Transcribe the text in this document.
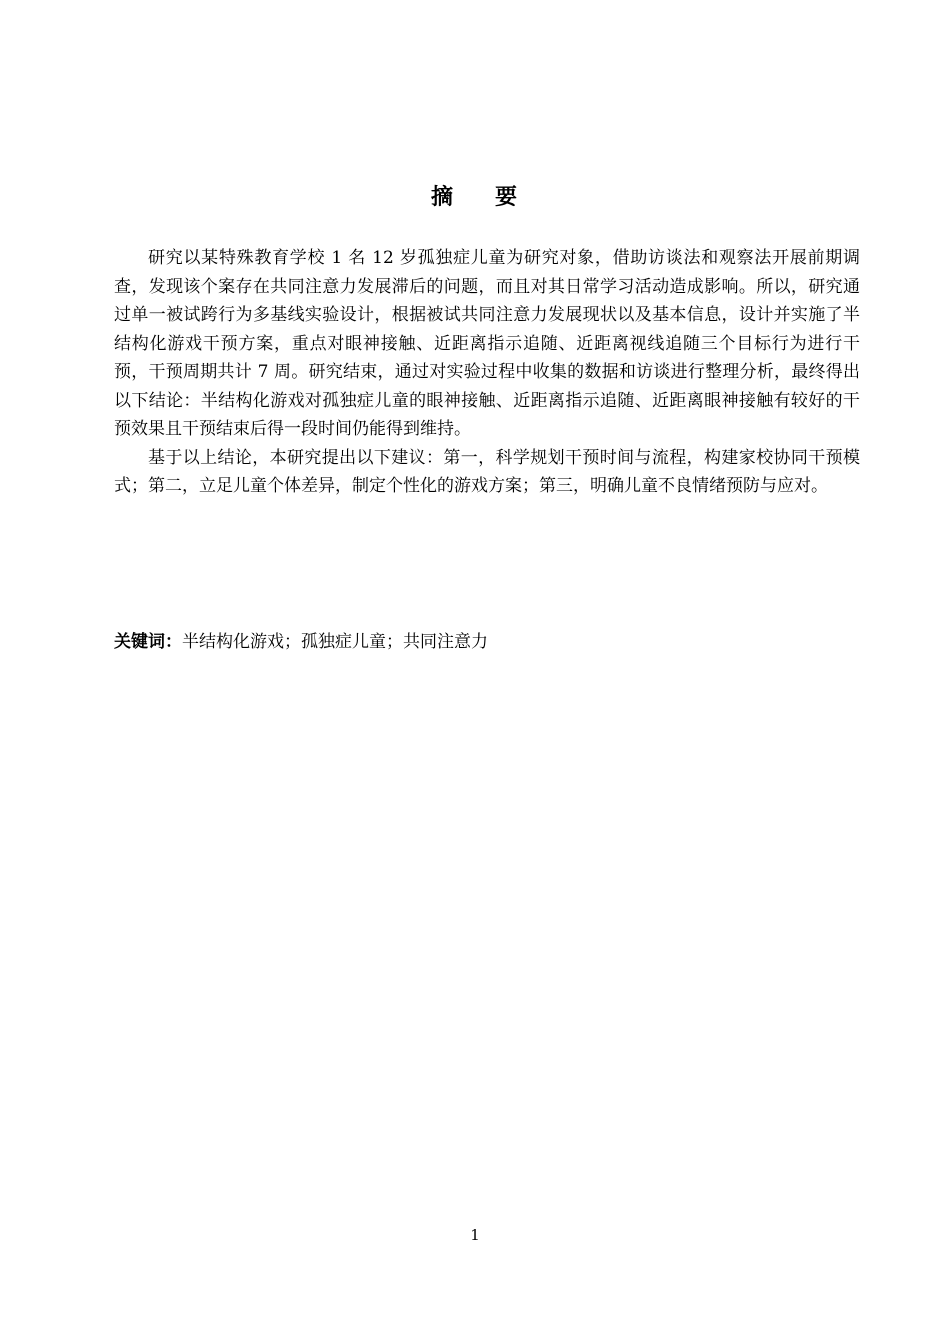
摘 要

研究以某特殊教育学校 1 名 12 岁孤独症儿童为研究对象，借助访谈法和观察法开展前期调查，发现该个案存在共同注意力发展滞后的问题，而且对其日常学习活动造成影响。所以，研究通过单一被试跨行为多基线实验设计，根据被试共同注意力发展现状以及基本信息，设计并实施了半结构化游戏干预方案，重点对眼神接触、近距离指示追随、近距离视线追随三个目标行为进行干预，干预周期共计 7 周。研究结束，通过对实验过程中收集的数据和访谈进行整理分析，最终得出以下结论：半结构化游戏对孤独症儿童的眼神接触、近距离指示追随、近距离眼神接触有较好的干预效果且干预结束后得一段时间仍能得到维持。

基于以上结论，本研究提出以下建议：第一，科学规划干预时间与流程，构建家校协同干预模式；第二，立足儿童个体差异，制定个性化的游戏方案；第三，明确儿童不良情绪预防与应对。

关键词：半结构化游戏；孤独症儿童；共同注意力
1
